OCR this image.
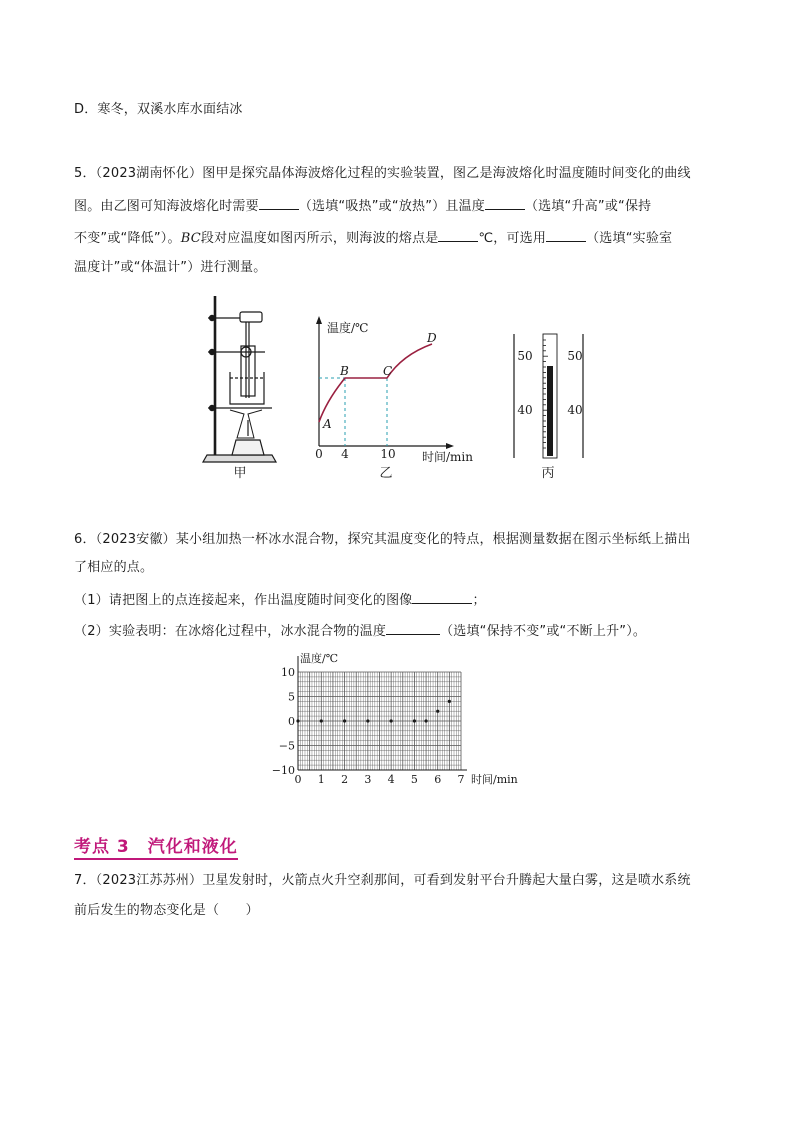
D．寒冬，双溪水库水面结冰
5．（2023湖南怀化）图甲是探究晶体海波熔化过程的实验装置，图乙是海波熔化时温度随时间变化的曲线
图。由乙图可知海波熔化时需要	（选填“吸热”或“放热”）且温度	（选填“升高”或“保持
不变”或“降低”）。BC段对应温度如图丙所示，则海波的熔点是	℃，可选用	（选填“实验室
温度计”或“体温计”）进行测量。
甲
温度/℃
时间/min
0 4	10
A
B	C
D
乙
50
40
50
40
丙
6．（2023安徽）某小组加热一杯冰水混合物，探究其温度变化的特点，根据测量数据在图示坐标纸上描出
了相应的点。
（1）请把图上的点连接起来，作出温度随时间变化的图像	；
（2）实验表明：在冰熔化过程中，冰水混合物的温度	（选填“保持不变”或“不断上升”）。
温度/℃
时间/min
10
5
0
−5
−10
0 1 2 3 4 5 6 7
考点 3 汽化和液化
7．（2023江苏苏州）卫星发射时，火箭点火升空刹那间，可看到发射平台升腾起大量白雾，这是喷水系统
前后发生的物态变化是（　　）
